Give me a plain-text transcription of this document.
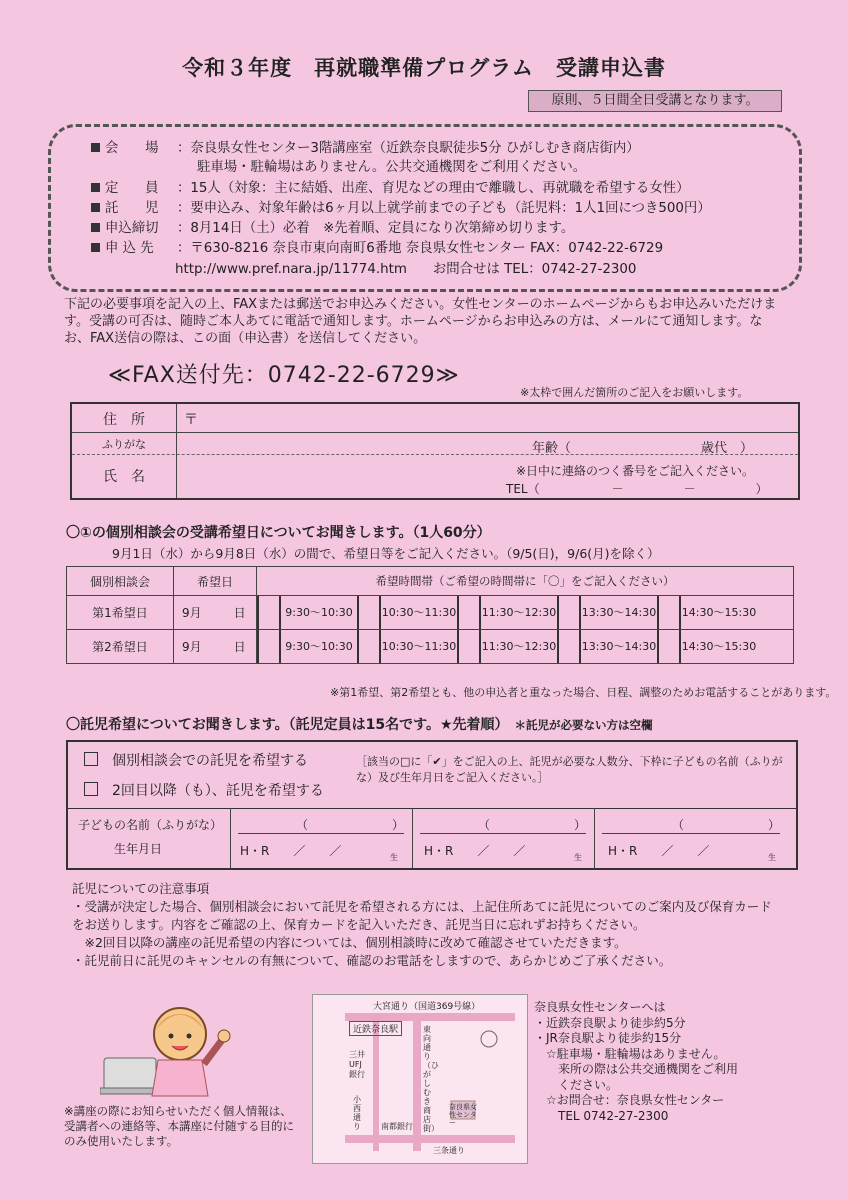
令和３年度　再就職準備プログラム　受講申込書
原則、５日間全日受講となります。
会　　場 ：奈良県女性センター3階講座室（近鉄奈良駅徒歩5分 ひがしむき商店街内）
駐車場・駐輪場はありません。公共交通機関をご利用ください。
定　　員 ：15人（対象：主に結婚、出産、育児などの理由で離職し、再就職を希望する女性）
託　　児 ：要申込み、対象年齢は6ヶ月以上就学前までの子ども（託児料：1人1回につき500円）
申込締切 ：8月14日（土）必着　※先着順、定員になり次第締め切ります。
申 込 先 ：〒630-8216 奈良市東向南町6番地 奈良県女性センター FAX：0742-22-6729
http://www.pref.nara.jp/11774.htm お問合せは TEL：0742-27-2300
下記の必要事項を記入の上、FAXまたは郵送でお申込みください。女性センターのホームページからもお申込みいただけます。受講の可否は、随時ご本人あてに電話で通知します。ホームページからお申込みの方は、メールにて通知します。なお、FAX送信の際は、この面（申込書）を送信してください。
≪FAX送付先：0742-22-6729≫
※太枠で囲んだ箇所のご記入をお願いします。
住　所	〒
ふりがな	年齢（　　　　　　　　　　歳代　）
氏　名	※日中に連絡のつく番号をご記入ください。
TEL（　　　　　　－　　　　　－　　　　　）
〇①の個別相談会の受講希望日についてお聞きします。（1人60分）
9月1日（水）から9月8日（水）の間で、希望日等をご記入ください。（9/5(日)，9/6(月)を除く）
個別相談会	希望日	希望時間帯（ご希望の時間帯に「〇」をご記入ください）
第1希望日	9月 日	9:30～10:30 10:30～11:30 11:30～12:30 13:30～14:30 14:30～15:30
第2希望日	9月 日	9:30～10:30 10:30～11:30 11:30～12:30 13:30～14:30 14:30～15:30
※第1希望、第2希望とも、他の申込者と重なった場合、日程、調整のためお電話することがあります。
〇託児希望についてお聞きします。（託児定員は15名です。★先着順） ＊託児が必要ない方は空欄
個別相談会での託児を希望する
2回目以降（も）、託児を希望する
［該当の□に「✔」をご記入の上、託児が必要な人数分、下枠に子どもの名前（ふりがな）及び生年月日をご記入ください。］
子どもの名前（ふりがな）
生年月日
（　　　　　　　）
H・R　　／　　／	生
（　　　　　　　）
H・R　　／　　／	生
（　　　　　　　）
H・R　　／　　／	生
託児についての注意事項
・受講が決定した場合、個別相談会において託児を希望される方には、上記住所あてに託児についてのご案内及び保育カードをお送りします。内容をご確認の上、保育カードを記入いただき、託児当日に忘れずお持ちください。
　※2回目以降の講座の託児希望の内容については、個別相談時に改めて確認させていただきます。
・託児前日に託児のキャンセルの有無について、確認のお電話をしますので、あらかじめご了承ください。
大宮通り（国道369号線）
近鉄奈良駅
三井UFJ銀行
東向通り（ひがしむき商店街）
小西通り	南都銀行
奈良県女性センター
三条通り
奈良県女性センターへは
・近鉄奈良駅より徒歩約5分
・JR奈良駅より徒歩約15分
　☆駐車場・駐輪場はありません。
　　来所の際は公共交通機関をご利用
　　ください。
　☆お問合せ：奈良県女性センター
　　TEL 0742-27-2300
※講座の際にお知らせいただく個人情報は、受講者への連絡等、本講座に付随する目的にのみ使用いたします。
